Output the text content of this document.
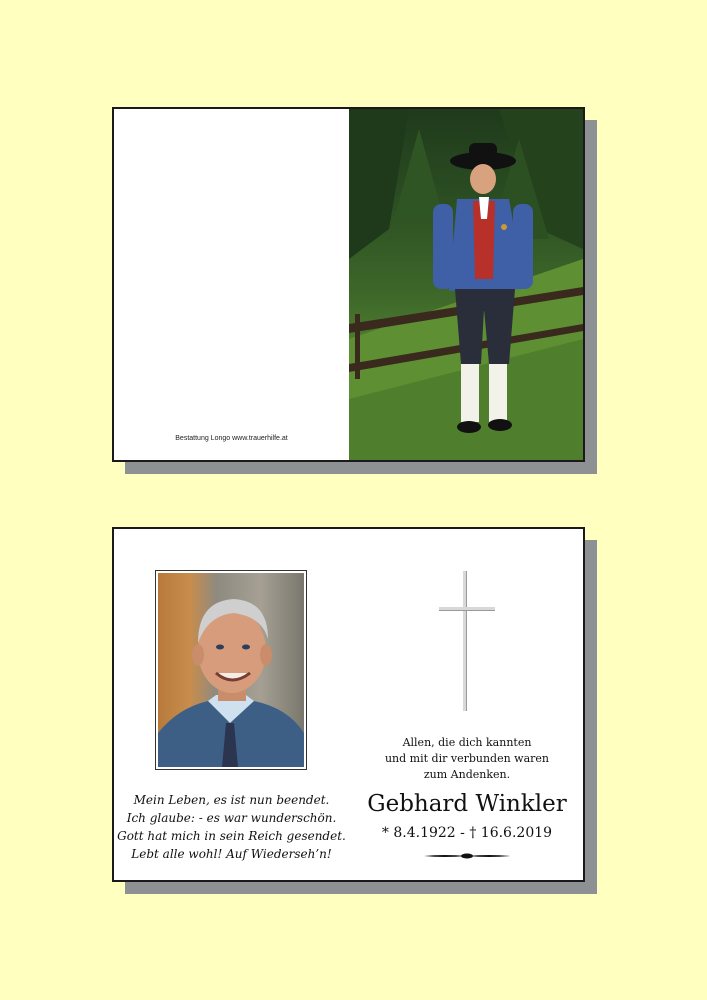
Bestattung Longo www.trauerhilfe.at
Mein Leben, es ist nun beendet.
Ich glaube: - es war wunderschön.
Gott hat mich in sein Reich gesendet.
Lebt alle wohl! Auf Wiederseh’n!
Allen, die dich kannten
und mit dir verbunden waren
zum Andenken.
Gebhard Winkler
* 8.4.1922 - † 16.6.2019
